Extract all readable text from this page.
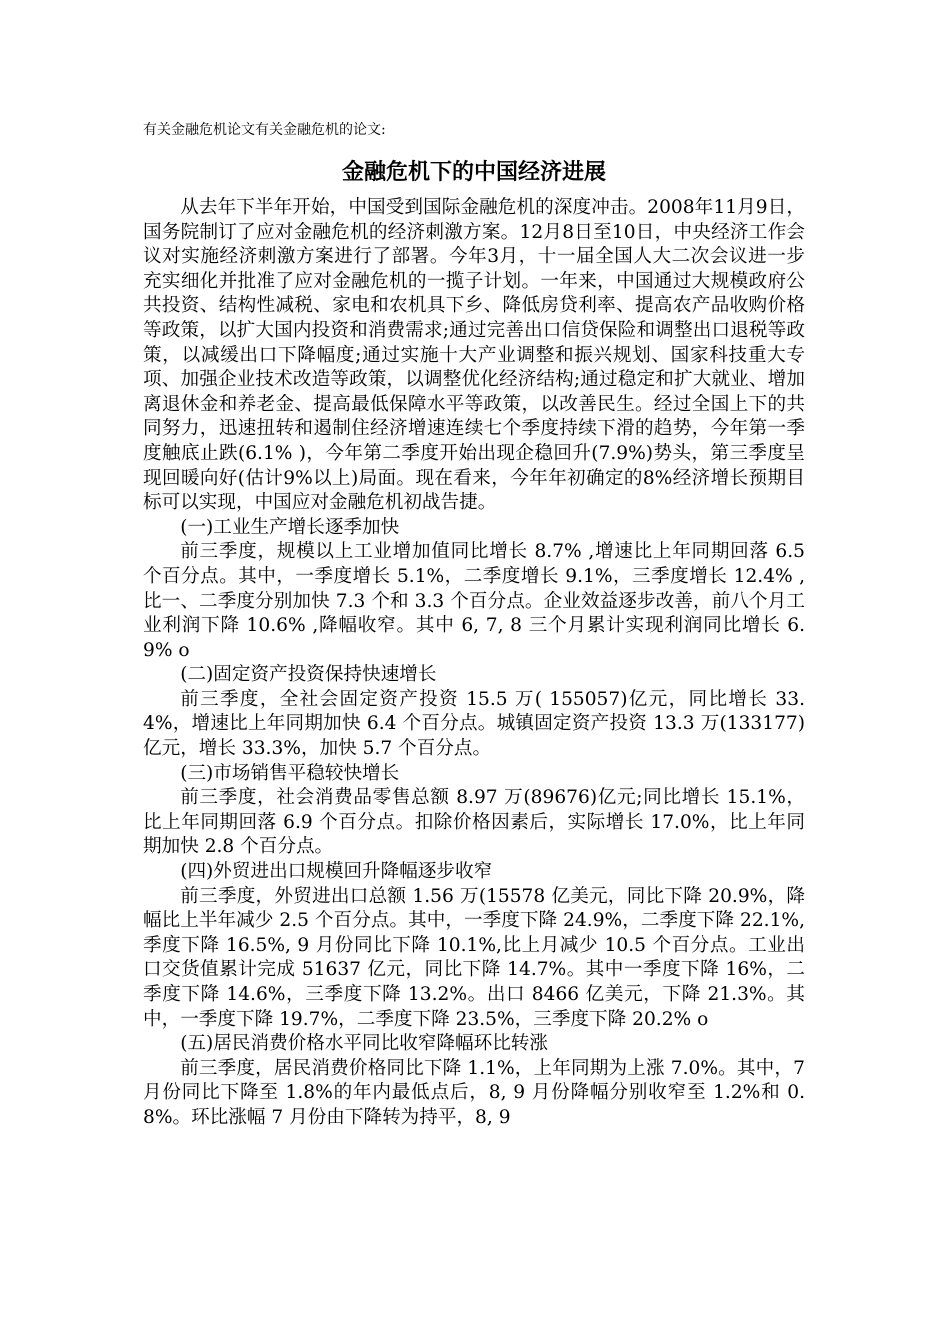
有关金融危机论文有关金融危机的论文:

金融危机下的中国经济进展

从去年下半年开始，中国受到国际金融危机的深度冲击。2008年11月9日，国务院制订了应对金融危机的经济刺激方案。12月8日至10日，中央经济工作会议对实施经济刺激方案进行了部署。今年3月，十一届全国人大二次会议进一步充实细化并批准了应对金融危机的一揽子计划。一年来，中国通过大规模政府公共投资、结构性减税、家电和农机具下乡、降低房贷利率、提高农产品收购价格等政策，以扩大国内投资和消费需求;通过完善出口信贷保险和调整出口退税等政策，以减缓出口下降幅度;通过实施十大产业调整和振兴规划、国家科技重大专项、加强企业技术改造等政策，以调整优化经济结构;通过稳定和扩大就业、增加离退休金和养老金、提高最低保障水平等政策，以改善民生。经过全国上下的共同努力，迅速扭转和遏制住经济增速连续七个季度持续下滑的趋势，今年第一季度触底止跌(6.1% )，今年第二季度开始出现企稳回升(7.9%)势头，第三季度呈现回暖向好(估计9%以上)局面。现在看来，今年年初确定的8%经济增长预期目标可以实现，中国应对金融危机初战告捷。

(一)工业生产增长逐季加快

前三季度，规模以上工业增加值同比增长 8.7% ,增速比上年同期回落 6.5 个百分点。其中，一季度增长 5.1%，二季度增长 9.1%，三季度增长 12.4% ,比一、二季度分别加快 7.3 个和 3.3 个百分点。企业效益逐步改善，前八个月工业利润下降 10.6% ,降幅收窄。其中 6, 7, 8 三个月累计实现利润同比增长 6.9% o

(二)固定资产投资保持快速增长

前三季度，全社会固定资产投资 15.5 万( 155057)亿元，同比增长 33.4%，增速比上年同期加快 6.4 个百分点。城镇固定资产投资 13.3 万(133177)亿元，增长 33.3%，加快 5.7 个百分点。

(三)市场销售平稳较快增长

前三季度，社会消费品零售总额 8.97 万(89676)亿元;同比增长 15.1%，比上年同期回落 6.9 个百分点。扣除价格因素后，实际增长 17.0%，比上年同期加快 2.8 个百分点。

(四)外贸进出口规模回升降幅逐步收窄

前三季度，外贸进出口总额 1.56 万(15578 亿美元，同比下降 20.9%，降幅比上半年减少 2.5 个百分点。其中，一季度下降 24.9%，二季度下降 22.1%,季度下降 16.5%, 9 月份同比下降 10.1%,比上月减少 10.5 个百分点。工业出口交货值累计完成 51637 亿元，同比下降 14.7%。其中一季度下降 16%，二季度下降 14.6%，三季度下降 13.2%。出口 8466 亿美元，下降 21.3%。其中，一季度下降 19.7%，二季度下降 23.5%，三季度下降 20.2% o

(五)居民消费价格水平同比收窄降幅环比转涨

前三季度，居民消费价格同比下降 1.1%，上年同期为上涨 7.0%。其中，7 月份同比下降至 1.8%的年内最低点后，8, 9 月份降幅分别收窄至 1.2%和 0.8%。环比涨幅 7 月份由下降转为持平，8, 9
